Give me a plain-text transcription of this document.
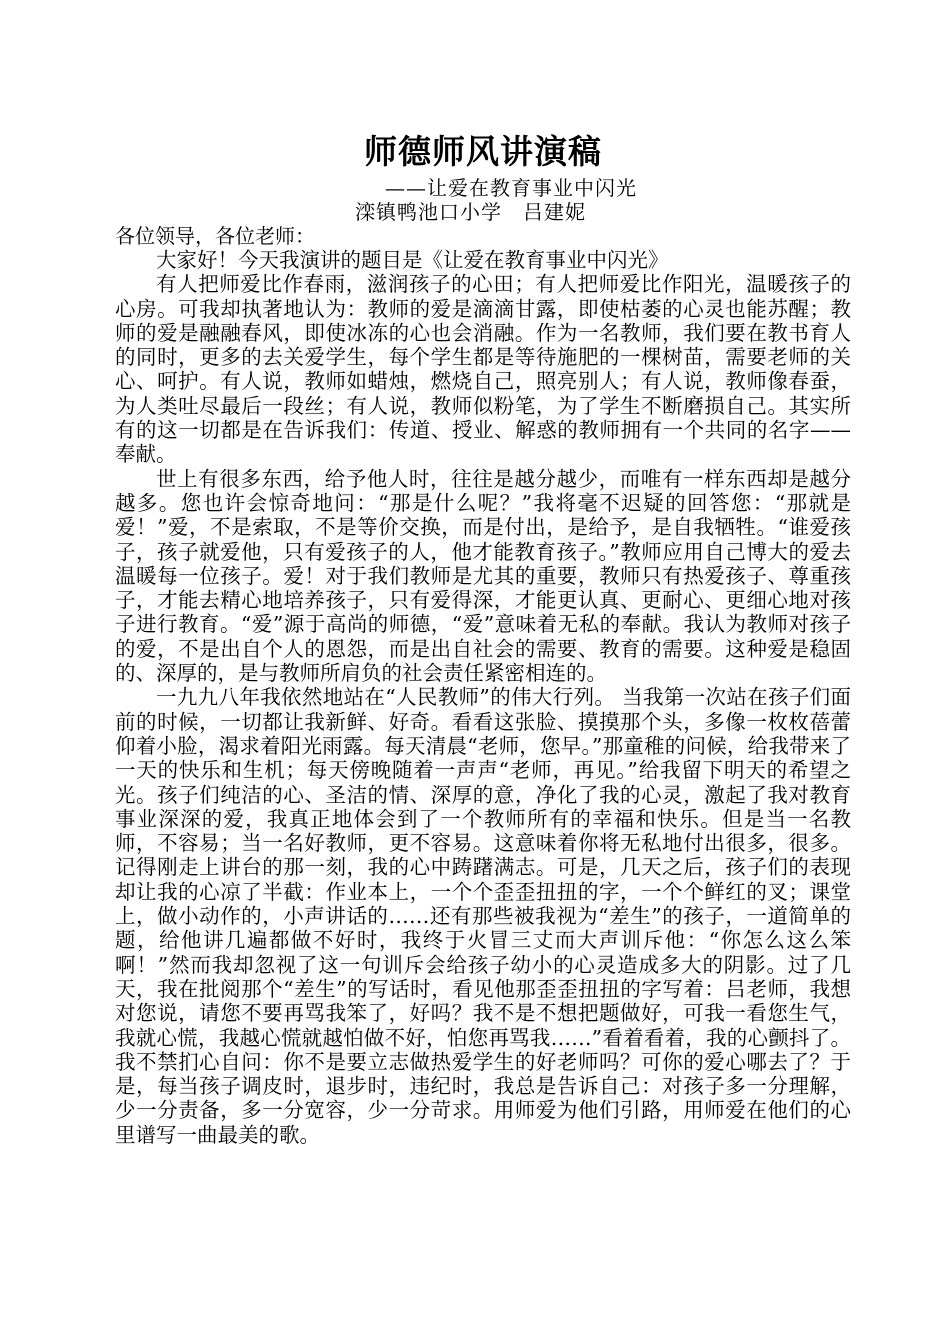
师德师风讲演稿

——让爱在教育事业中闪光

滦镇鸭池口小学　吕建妮

各位领导，各位老师：

大家好！今天我演讲的题目是《让爱在教育事业中闪光》

有人把师爱比作春雨，滋润孩子的心田；有人把师爱比作阳光，温暖孩子的心房。可我却执著地认为：教师的爱是滴滴甘露，即使枯萎的心灵也能苏醒；教师的爱是融融春风，即使冰冻的心也会消融。作为一名教师，我们要在教书育人的同时，更多的去关爱学生，每个学生都是等待施肥的一棵树苗，需要老师的关心、呵护。有人说，教师如蜡烛，燃烧自己，照亮别人；有人说，教师像春蚕，为人类吐尽最后一段丝；有人说，教师似粉笔，为了学生不断磨损自己。其实所有的这一切都是在告诉我们：传道、授业、解惑的教师拥有一个共同的名字——奉献。

世上有很多东西，给予他人时，往往是越分越少，而唯有一样东西却是越分越多。您也许会惊奇地问：“那是什么呢？”我将毫不迟疑的回答您：“那就是爱！”爱，不是索取，不是等价交换，而是付出，是给予，是自我牺牲。“谁爱孩子，孩子就爱他，只有爱孩子的人，他才能教育孩子。”教师应用自己博大的爱去温暖每一位孩子。爱！对于我们教师是尤其的重要，教师只有热爱孩子、尊重孩子，才能去精心地培养孩子，只有爱得深，才能更认真、更耐心、更细心地对孩子进行教育。“爱”源于高尚的师德，“爱”意味着无私的奉献。我认为教师对孩子的爱，不是出自个人的恩怨，而是出自社会的需要、教育的需要。这种爱是稳固的、深厚的，是与教师所肩负的社会责任紧密相连的。

一九九八年我依然地站在“人民教师”的伟大行列。 当我第一次站在孩子们面前的时候，一切都让我新鲜、好奇。看看这张脸、摸摸那个头，多像一枚枚蓓蕾仰着小脸，渴求着阳光雨露。每天清晨“老师，您早。”那童稚的问候，给我带来了一天的快乐和生机；每天傍晚随着一声声“老师，再见。”给我留下明天的希望之光。孩子们纯洁的心、圣洁的情、深厚的意，净化了我的心灵，激起了我对教育事业深深的爱，我真正地体会到了一个教师所有的幸福和快乐。但是当一名教师，不容易；当一名好教师，更不容易。这意味着你将无私地付出很多，很多。记得刚走上讲台的那一刻，我的心中踌躇满志。可是，几天之后，孩子们的表现却让我的心凉了半截：作业本上，一个个歪歪扭扭的字，一个个鲜红的叉；课堂上，做小动作的，小声讲话的……还有那些被我视为“差生”的孩子，一道简单的题，给他讲几遍都做不好时，我终于火冒三丈而大声训斥他：“你怎么这么笨啊！”然而我却忽视了这一句训斥会给孩子幼小的心灵造成多大的阴影。过了几天，我在批阅那个“差生”的写话时，看见他那歪歪扭扭的字写着：吕老师，我想对您说，请您不要再骂我笨了，好吗？我不是不想把题做好，可我一看您生气，我就心慌，我越心慌就越怕做不好，怕您再骂我……”看着看着，我的心颤抖了。我不禁扪心自问：你不是要立志做热爱学生的好老师吗？可你的爱心哪去了？于是，每当孩子调皮时，退步时，违纪时，我总是告诉自己：对孩子多一分理解，少一分责备，多一分宽容，少一分苛求。用师爱为他们引路，用师爱在他们的心里谱写一曲最美的歌。
